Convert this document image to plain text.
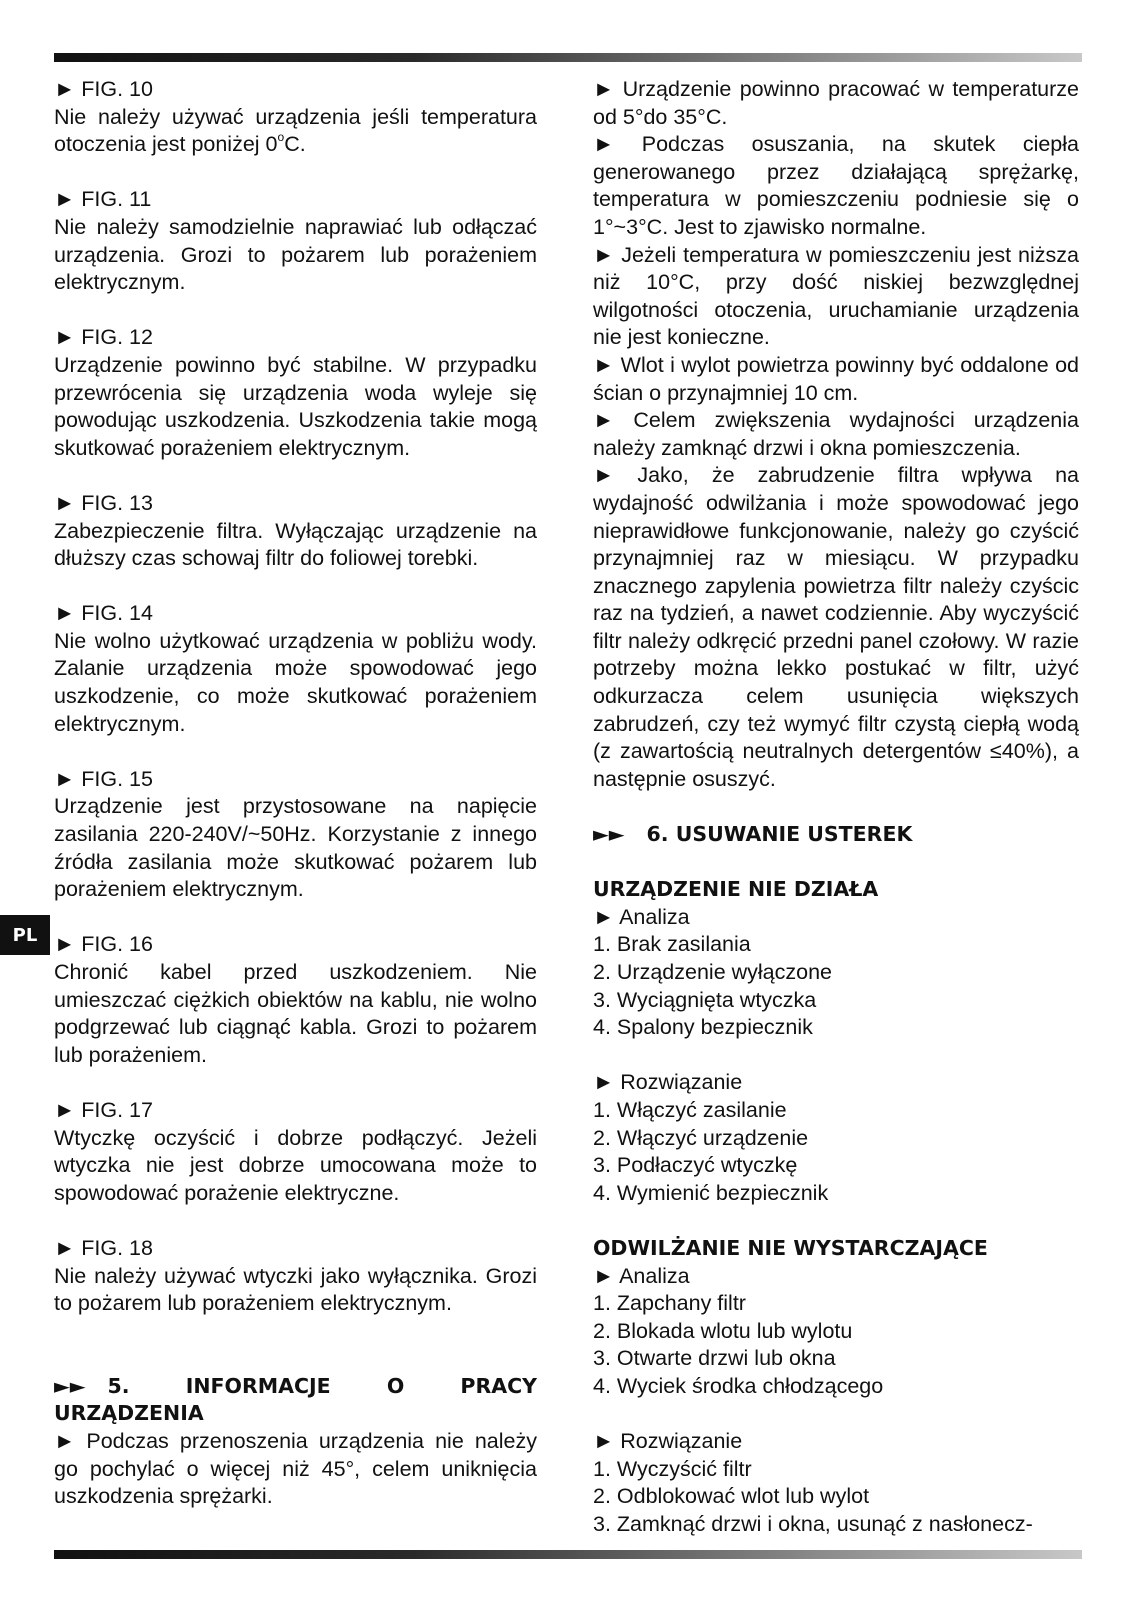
PL

► FIG. 10

Nie należy używać urządzenia jeśli temperatura otoczenia jest poniżej 0$^o$C.

► FIG. 11

Nie należy samodzielnie naprawiać lub odłączać urządzenia. Grozi to pożarem lub porażeniem elektrycznym.

► FIG. 12

Urządzenie powinno być stabilne. W przypadku przewrócenia się urządzenia woda wyleje się powodując uszkodzenia. Uszkodzenia takie mogą skutkować porażeniem elektrycznym.

► FIG. 13

Zabezpieczenie filtra. Wyłączając urządzenie na dłuższy czas schowaj filtr do foliowej torebki.

► FIG. 14

Nie wolno użytkować urządzenia w pobliżu wody. Zalanie urządzenia może spowodować jego uszkodzenie, co może skutkować porażeniem elektrycznym.

► FIG. 15

Urządzenie jest przystosowane na napięcie zasilania 220-240V/~50Hz. Korzystanie z innego źródła zasilania może skutkować pożarem lub porażeniem elektrycznym.

► FIG. 16

Chronić kabel przed uszkodzeniem. Nie umieszczać ciężkich obiektów na kablu, nie wolno podgrzewać lub ciągnąć kabla. Grozi to pożarem lub porażeniem.

► FIG. 17

Wtyczkę oczyścić i dobrze podłączyć. Jeżeli wtyczka nie jest dobrze umocowana może to spowodować porażenie elektryczne.

► FIG. 18

Nie należy używać wtyczki jako wyłącznika. Grozi to pożarem lub porażeniem elektrycznym.

►► 5. INFORMACJE O PRACY URZĄDZENIA

► Podczas przenoszenia urządzenia nie należy go pochylać o więcej niż 45°, celem uniknięcia uszkodzenia sprężarki.

► Urządzenie powinno pracować w temperaturze od 5°do 35°C.

► Podczas osuszania, na skutek ciepła generowanego przez działającą sprężarkę, temperatura w pomieszczeniu podniesie się o 1°~3°C. Jest to zjawisko normalne.

► Jeżeli temperatura w pomieszczeniu jest niższa niż 10°C, przy dość niskiej bezwzględnej wilgotności otoczenia, uruchamianie urządzenia nie jest konieczne.

► Wlot i wylot powietrza powinny być oddalone od ścian o przynajmniej 10 cm.

► Celem zwiększenia wydajności urządzenia należy zamknąć drzwi i okna pomieszczenia.

► Jako, że zabrudzenie filtra wpływa na wydajność odwilżania i może spowodować jego nieprawidłowe funkcjonowanie, należy go czyścić przynajmniej raz w miesiącu. W przypadku znacznego zapylenia powietrza filtr należy czyścic raz na tydzień, a nawet codziennie. Aby wyczyścić filtr należy odkręcić przedni panel czołowy. W razie potrzeby można lekko postukać w filtr, użyć odkurzacza celem usunięcia większych zabrudzeń, czy też wymyć filtr czystą ciepłą wodą (z zawartością neutralnych detergentów ≤40%), a następnie osuszyć.

►► 6. USUWANIE USTEREK

URZĄDZENIE NIE DZIAŁA

► Analiza

1. Brak zasilania

2. Urządzenie wyłączone

3. Wyciągnięta wtyczka

4. Spalony bezpiecznik

► Rozwiązanie

1. Włączyć zasilanie

2. Włączyć urządzenie

3. Podłaczyć wtyczkę

4. Wymienić bezpiecznik

ODWILŻANIE NIE WYSTARCZAJĄCE

► Analiza

1. Zapchany filtr

2. Blokada wlotu lub wylotu

3. Otwarte drzwi lub okna

4. Wyciek środka chłodzącego

► Rozwiązanie

1. Wyczyścić filtr

2. Odblokować wlot lub wylot

3. Zamknąć drzwi i okna, usunąć z nasłonecz-
